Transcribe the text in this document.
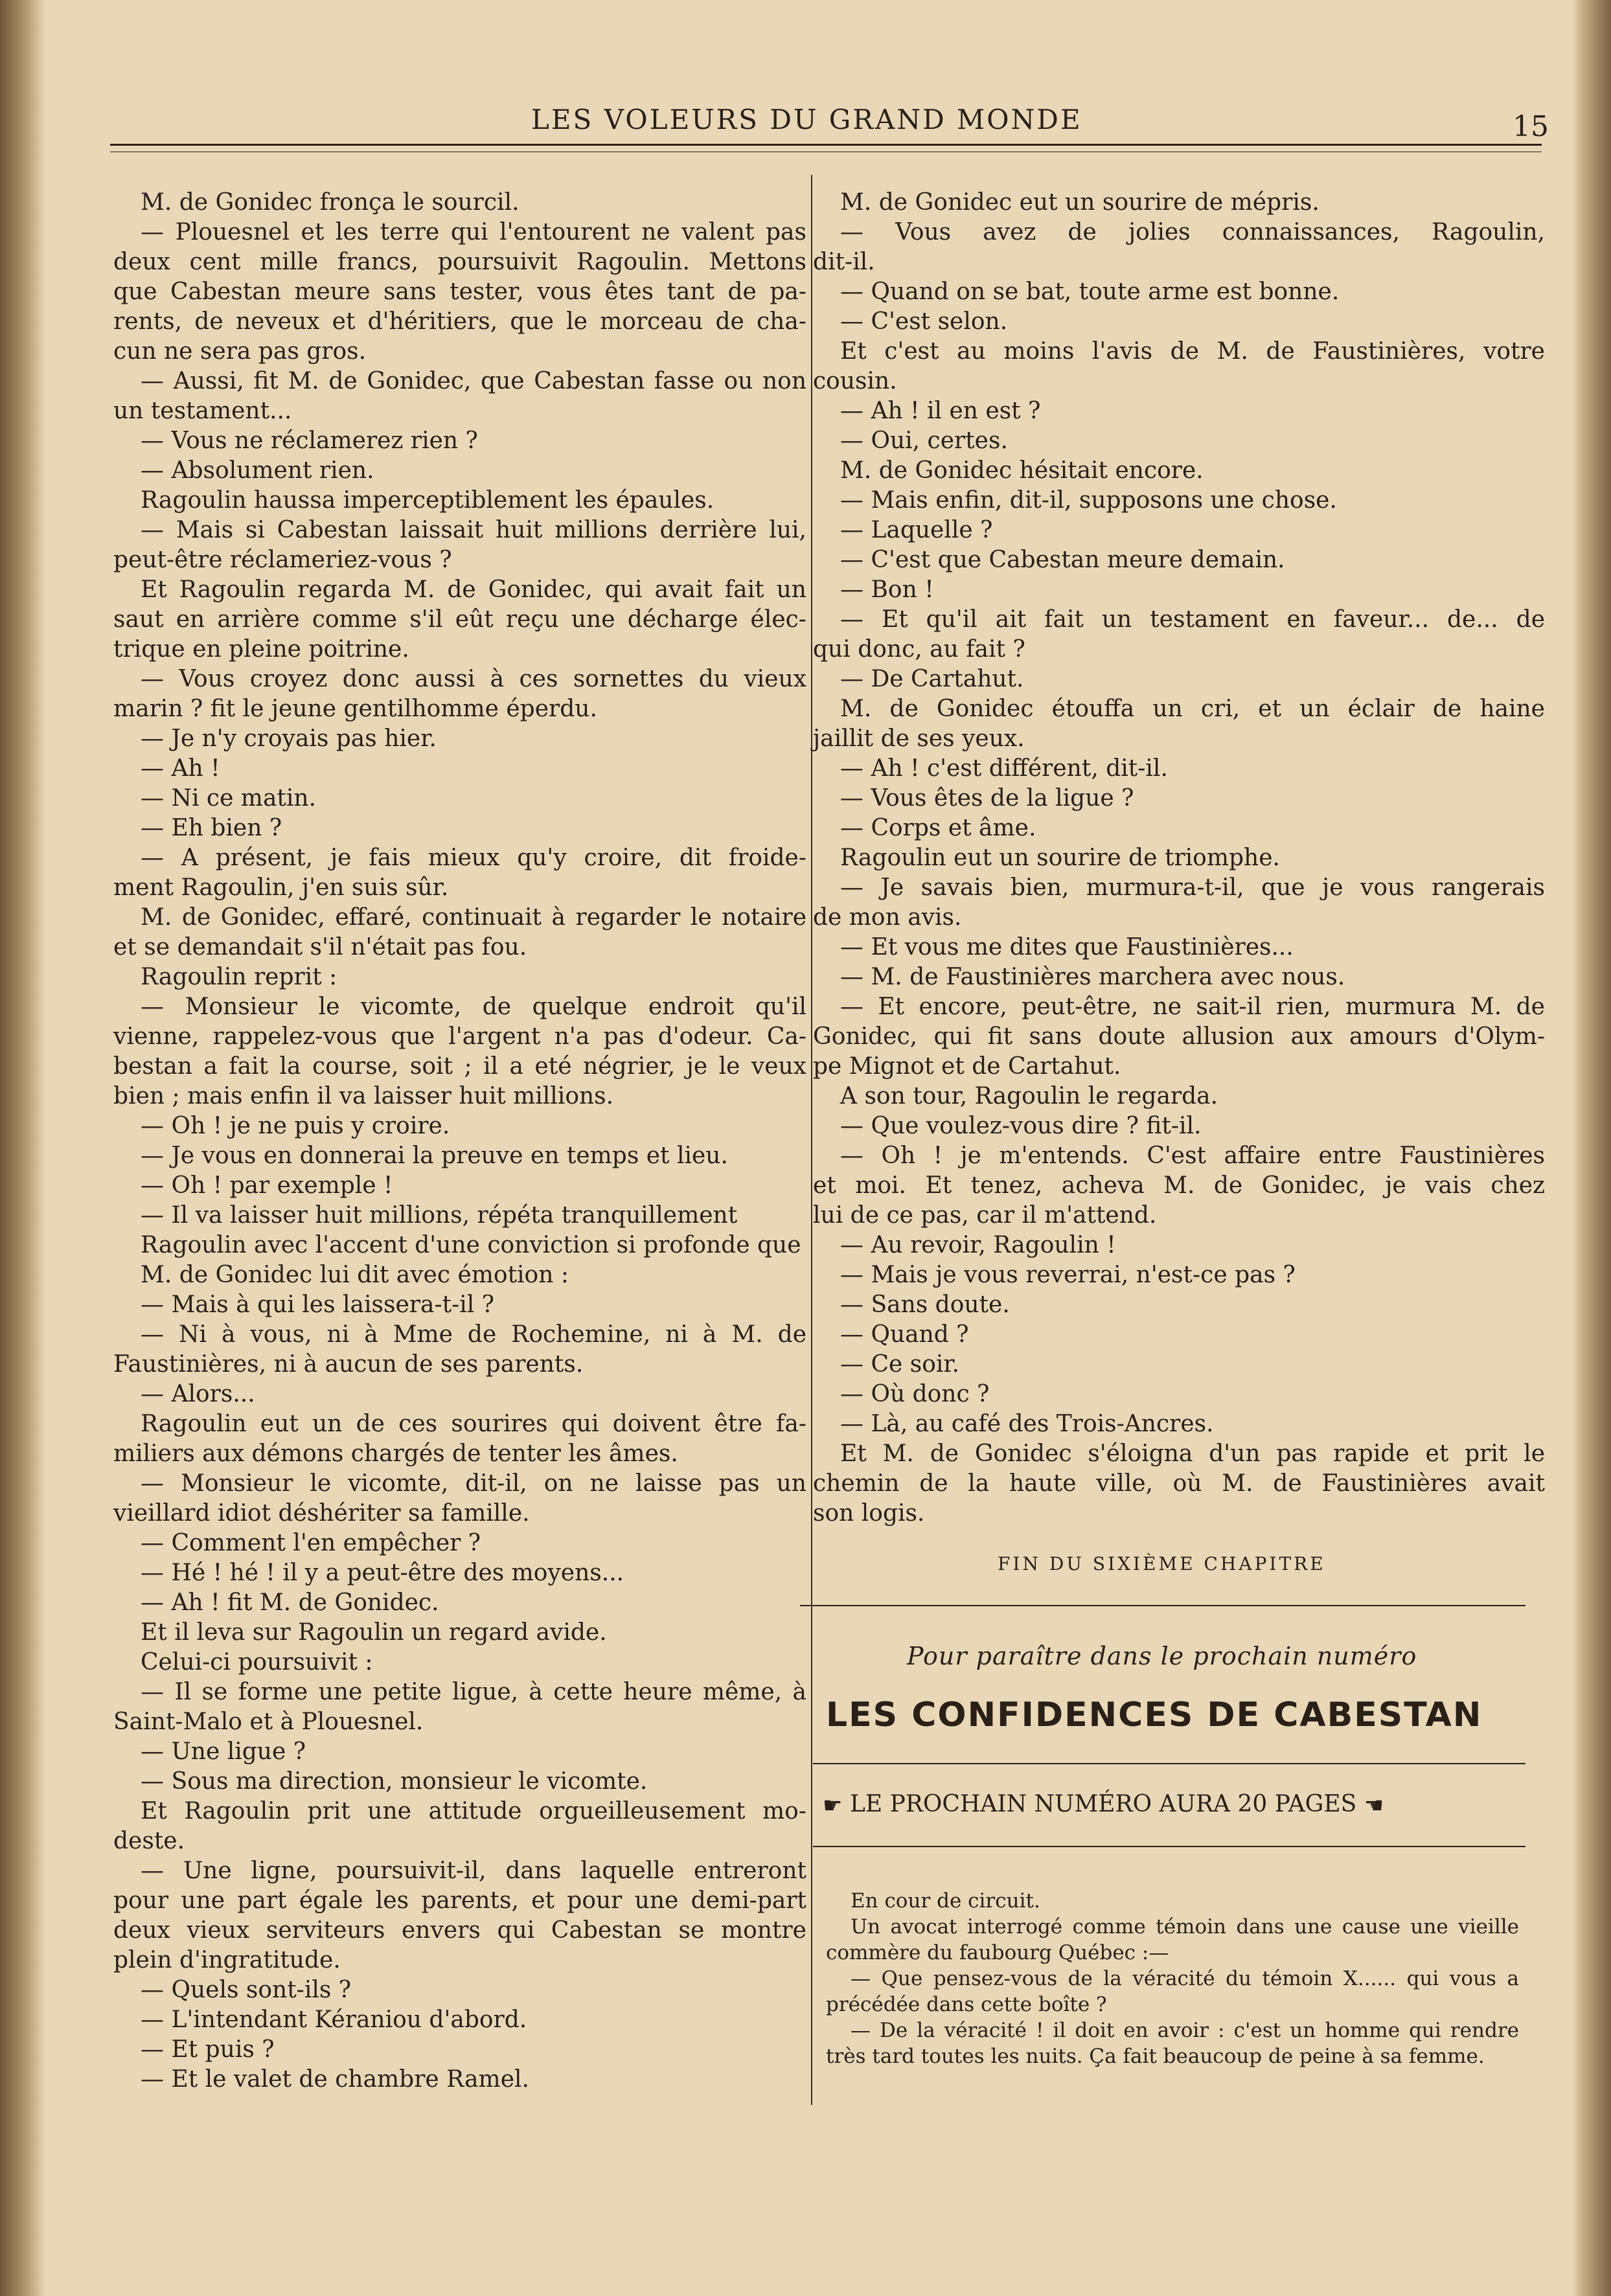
LES VOLEURS DU GRAND MONDE	15
M. de Gonidec fronça le sourcil.
— Plouesnel et les terre qui l'entourent ne valent pas
deux cent mille francs, poursuivit Ragoulin. Mettons
que Cabestan meure sans tester, vous êtes tant de pa-
rents, de neveux et d'héritiers, que le morceau de cha-
cun ne sera pas gros.
— Aussi, fit M. de Gonidec, que Cabestan fasse ou non
un testament...
— Vous ne réclamerez rien ?
— Absolument rien.
Ragoulin haussa imperceptiblement les épaules.
— Mais si Cabestan laissait huit millions derrière lui,
peut-être réclameriez-vous ?
Et Ragoulin regarda M. de Gonidec, qui avait fait un
saut en arrière comme s'il eût reçu une décharge élec-
trique en pleine poitrine.
— Vous croyez donc aussi à ces sornettes du vieux
marin ? fit le jeune gentilhomme éperdu.
— Je n'y croyais pas hier.
— Ah !
— Ni ce matin.
— Eh bien ?
— A présent, je fais mieux qu'y croire, dit froide-
ment Ragoulin, j'en suis sûr.
M. de Gonidec, effaré, continuait à regarder le notaire
et se demandait s'il n'était pas fou.
Ragoulin reprit :
— Monsieur le vicomte, de quelque endroit qu'il
vienne, rappelez-vous que l'argent n'a pas d'odeur. Ca-
bestan a fait la course, soit ; il a eté négrier, je le veux
bien ; mais enfin il va laisser huit millions.
— Oh ! je ne puis y croire.
— Je vous en donnerai la preuve en temps et lieu.
— Oh ! par exemple !
— Il va laisser huit millions, répéta tranquillement
Ragoulin avec l'accent d'une conviction si profonde que
M. de Gonidec lui dit avec émotion :
— Mais à qui les laissera-t-il ?
— Ni à vous, ni à Mme de Rochemine, ni à M. de
Faustinières, ni à aucun de ses parents.
— Alors...
Ragoulin eut un de ces sourires qui doivent être fa-
miliers aux démons chargés de tenter les âmes.
— Monsieur le vicomte, dit-il, on ne laisse pas un
vieillard idiot déshériter sa famille.
— Comment l'en empêcher ?
— Hé ! hé ! il y a peut-être des moyens...
— Ah ! fit M. de Gonidec.
Et il leva sur Ragoulin un regard avide.
Celui-ci poursuivit :
— Il se forme une petite ligue, à cette heure même, à
Saint-Malo et à Plouesnel.
— Une ligue ?
— Sous ma direction, monsieur le vicomte.
Et Ragoulin prit une attitude orgueilleusement mo-
deste.
— Une ligne, poursuivit-il, dans laquelle entreront
pour une part égale les parents, et pour une demi-part
deux vieux serviteurs envers qui Cabestan se montre
plein d'ingratitude.
— Quels sont-ils ?
— L'intendant Kéraniou d'abord.
— Et puis ?
— Et le valet de chambre Ramel.
M. de Gonidec eut un sourire de mépris.
— Vous avez de jolies connaissances, Ragoulin,
dit-il.
— Quand on se bat, toute arme est bonne.
— C'est selon.
Et c'est au moins l'avis de M. de Faustinières, votre
cousin.
— Ah ! il en est ?
— Oui, certes.
M. de Gonidec hésitait encore.
— Mais enfin, dit-il, supposons une chose.
— Laquelle ?
— C'est que Cabestan meure demain.
— Bon !
— Et qu'il ait fait un testament en faveur... de... de
qui donc, au fait ?
— De Cartahut.
M. de Gonidec étouffa un cri, et un éclair de haine
jaillit de ses yeux.
— Ah ! c'est différent, dit-il.
— Vous êtes de la ligue ?
— Corps et âme.
Ragoulin eut un sourire de triomphe.
— Je savais bien, murmura-t-il, que je vous rangerais
de mon avis.
— Et vous me dites que Faustinières...
— M. de Faustinières marchera avec nous.
— Et encore, peut-être, ne sait-il rien, murmura M. de
Gonidec, qui fit sans doute allusion aux amours d'Olym-
pe Mignot et de Cartahut.
A son tour, Ragoulin le regarda.
— Que voulez-vous dire ? fit-il.
— Oh ! je m'entends. C'est affaire entre Faustinières
et moi. Et tenez, acheva M. de Gonidec, je vais chez
lui de ce pas, car il m'attend.
— Au revoir, Ragoulin !
— Mais je vous reverrai, n'est-ce pas ?
— Sans doute.
— Quand ?
— Ce soir.
— Où donc ?
— Là, au café des Trois-Ancres.
Et M. de Gonidec s'éloigna d'un pas rapide et prit le
chemin de la haute ville, où M. de Faustinières avait
son logis.
FIN DU SIXIÈME CHAPITRE
Pour paraître dans le prochain numéro
LES CONFIDENCES DE CABESTAN
☛ LE PROCHAIN NUMÉRO AURA 20 PAGES ☚
En cour de circuit.
Un avocat interrogé comme témoin dans une cause une vieille
commère du faubourg Québec :—
— Que pensez-vous de la véracité du témoin X...... qui vous a
précédée dans cette boîte ?
— De la véracité ! il doit en avoir : c'est un homme qui rendre
très tard toutes les nuits. Ça fait beaucoup de peine à sa femme.
